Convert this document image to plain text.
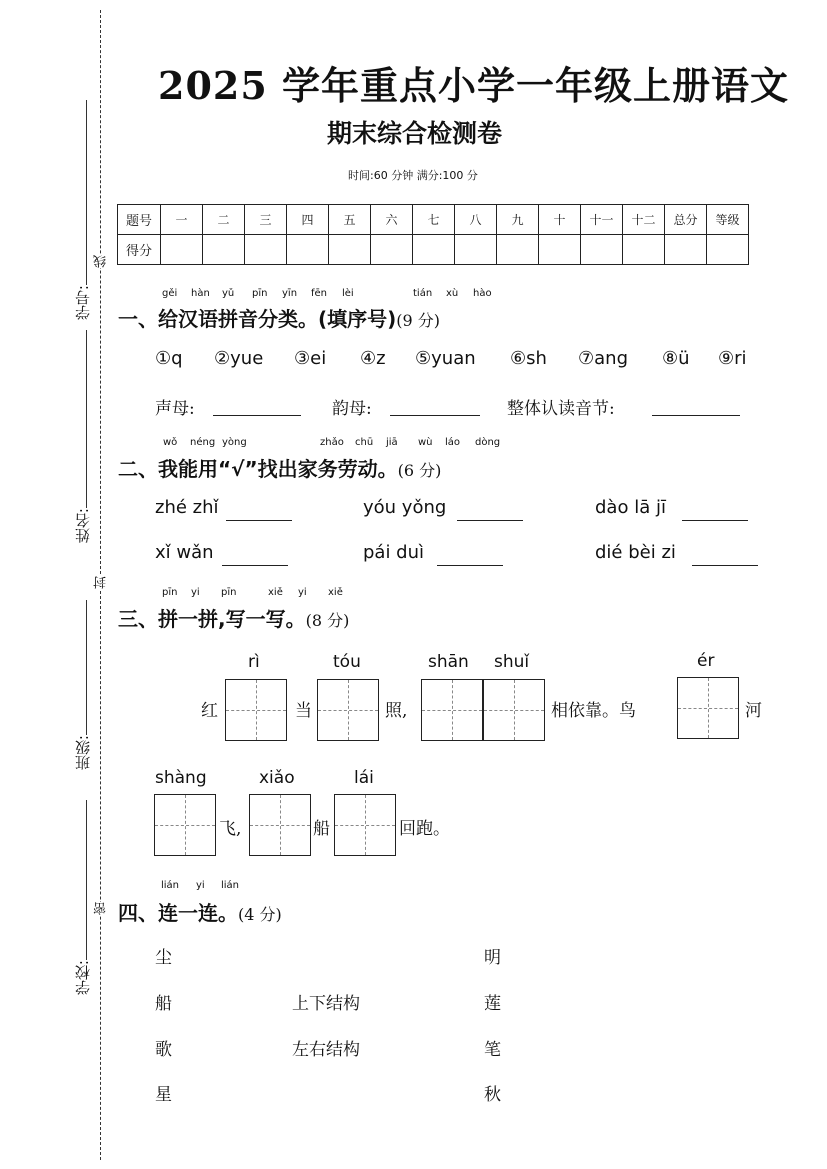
学号:
姓名:
班级:
学校:
线
封
密
2025 学年重点小学一年级上册语文
期末综合检测卷
时间:60 分钟 满分:100 分
题号	一	二	三	四	五	六	七	八	九	十	十一	十二	总分	等级
得分														
gěi hàn yǔ pīn yīn fēn lèi	tián xù hào
一、给汉语拼音分类。(填序号)(9 分)
①q ②yue ③ei ④z ⑤yuan ⑥sh ⑦ang ⑧ü ⑨ri
声母:	韵母:	整体认读音节:
wǒ néng yòng	zhǎo chū jiā wù láo dòng
二、我能用“√”找出家务劳动。(6 分)
zhé zhǐ	yóu yǒng	dào lā jī
xǐ wǎn	pái duì	dié bèi zi
pīn yi pīn	xiě yi xiě
三、拼一拼,写一写。(8 分)
rì	tóu	shān shuǐ	ér
红	当	照,	相依靠。鸟	河
shàng	xiǎo	lái
飞,	船	回跑。
lián yi lián
四、连一连。(4 分)
尘
船
歌
星
上下结构
左右结构
明
莲
笔
秋
